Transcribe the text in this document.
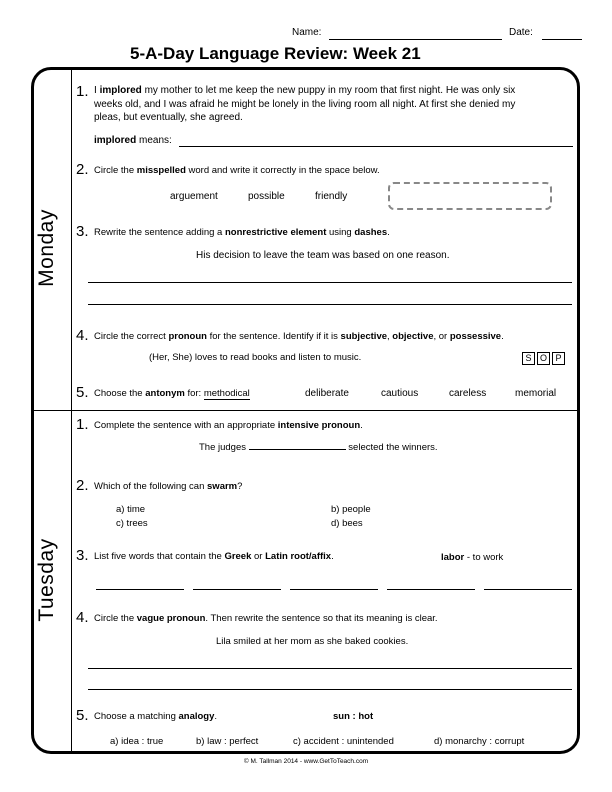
Name:	Date:
5-A-Day Language Review: Week 21
Monday
Tuesday
1. I implored my mother to let me keep the new puppy in my room that first night. He was only six
weeks old, and I was afraid he might be lonely in the living room all night. At first she denied my
pleas, but eventually, she agreed.
implored means:
2. Circle the misspelled word and write it correctly in the space below.
arguement	possible	friendly
3. Rewrite the sentence adding a nonrestrictive element using dashes.
His decision to leave the team was based on one reason.
4. Circle the correct pronoun for the sentence. Identify if it is subjective, objective, or possessive.
(Her, She) loves to read books and listen to music.	S O P
5. Choose the antonym for: methodical	deliberate	cautious	careless	memorial
1. Complete the sentence with an appropriate intensive pronoun.
The judges	selected the winners.
2. Which of the following can swarm?
a) time	b) people
c) trees	d) bees
3. List five words that contain the Greek or Latin root/affix.	labor - to work
4. Circle the vague pronoun. Then rewrite the sentence so that its meaning is clear.
Lila smiled at her mom as she baked cookies.
5. Choose a matching analogy.	sun : hot
a) idea : true	b) law : perfect	c) accident : unintended	d) monarchy : corrupt
© M. Tallman 2014 - www.GetToTeach.com
